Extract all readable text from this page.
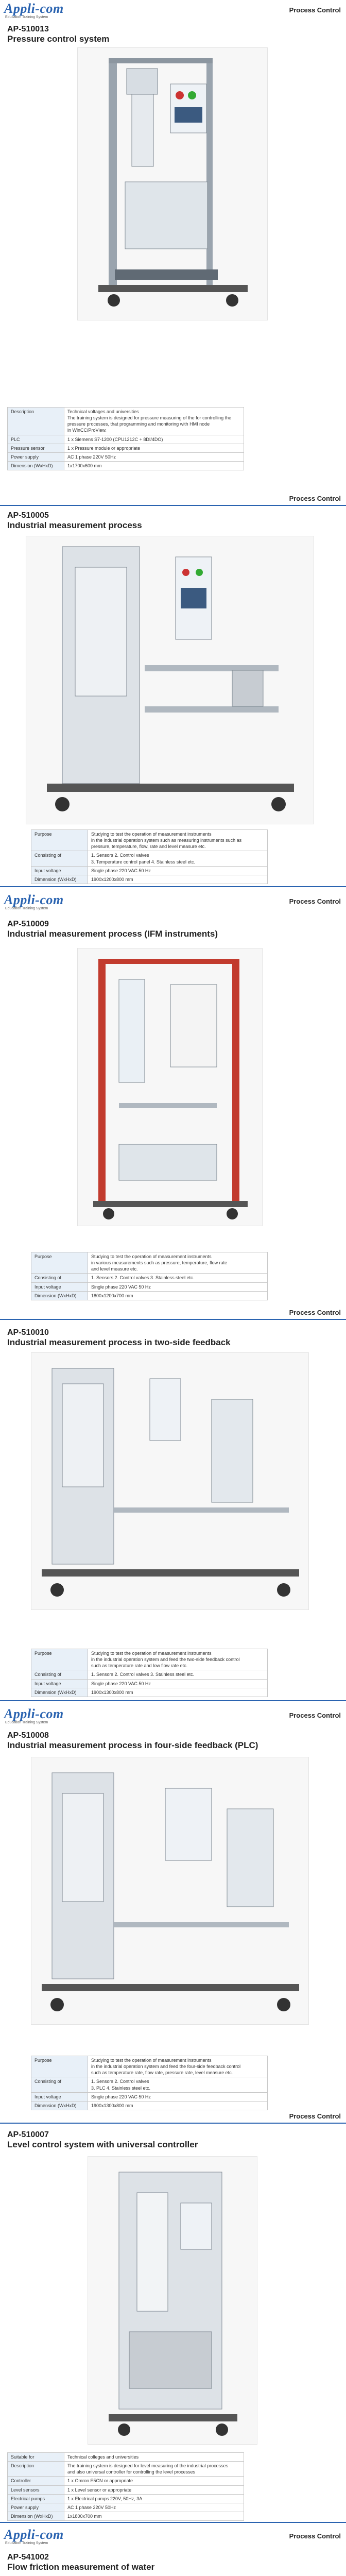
Appli-com
Education Training System
Process Control
AP-510013
Pressure control system
Description	Technical voltages and universities
The training system is designed for pressure measuring of the for controlling the
pressure processes, that programming and monitoring with HMI node
in WinCC/ProView.

PLC	1 x Siemens S7-1200 (CPU1212C + 8DI/4DO)

Pressure sensor	1 x Pressure module or appropriate

Power supply	AC 1 phase 220V 50Hz

Dimension (WxHxD)	1x1700x600 mm
Process Control
AP-510005
Industrial measurement process
Purpose	Studying to test the operation of measurement instruments
in the industrial operation system such as measuring instruments such as
pressure, temperature, flow, rate and level measure etc.

Consisting of	1. Sensors 2. Control valves
3. Temperature control panel 4. Stainless steel etc.

Input voltage	Single phase 220 VAC 50 Hz

Dimension (WxHxD)	1900x1200x800 mm
Appli-com
Education Training System
Process Control
AP-510009
Industrial measurement process (IFM instruments)
Purpose	Studying to test the operation of measurement instruments
in various measurements such as pressure, temperature, flow rate
and level measure etc.

Consisting of	1. Sensors 2. Control valves 3. Stainless steel etc.

Input voltage	Single phase 220 VAC 50 Hz

Dimension (WxHxD)	1800x1200x700 mm
Process Control
AP-510010
Industrial measurement process in two-side feedback
Purpose	Studying to test the operation of measurement instruments
in the industrial operation system and feed the two-side feedback control
such as temperature rate and low flow rate etc.

Consisting of	1. Sensors 2. Control valves 3. Stainless steel etc.

Input voltage	Single phase 220 VAC 50 Hz

Dimension (WxHxD)	1900x1300x800 mm
Appli-com
Education Training System
Process Control
AP-510008
Industrial measurement process in four-side feedback (PLC)
Purpose	Studying to test the operation of measurement instruments
in the industrial operation system and feed the four-side feedback control
such as temperature rate, flow rate, pressure rate, level measure etc.

Consisting of	1. Sensors 2. Control valves
3. PLC 4. Stainless steel etc.

Input voltage	Single phase 220 VAC 50 Hz

Dimension (WxHxD)	1900x1300x800 mm
Process Control
AP-510007
Level control system with universal controller
Suitable for	Technical colleges and universities

Description	The training system is designed for level measuring of the industrial processes
and also universal controller for controlling the level processes

Controller	1 x Omron E5CN or appropriate

Level sensors	1 x Level sensor or appropriate

Electrical pumps	1 x Electrical pumps 220V, 50Hz, 3A

Power supply	AC 1 phase 220V 50Hz

Dimension (WxHxD)	1x1800x700 mm
Appli-com
Education Training System
Process Control
AP-541002
Flow friction measurement of water
